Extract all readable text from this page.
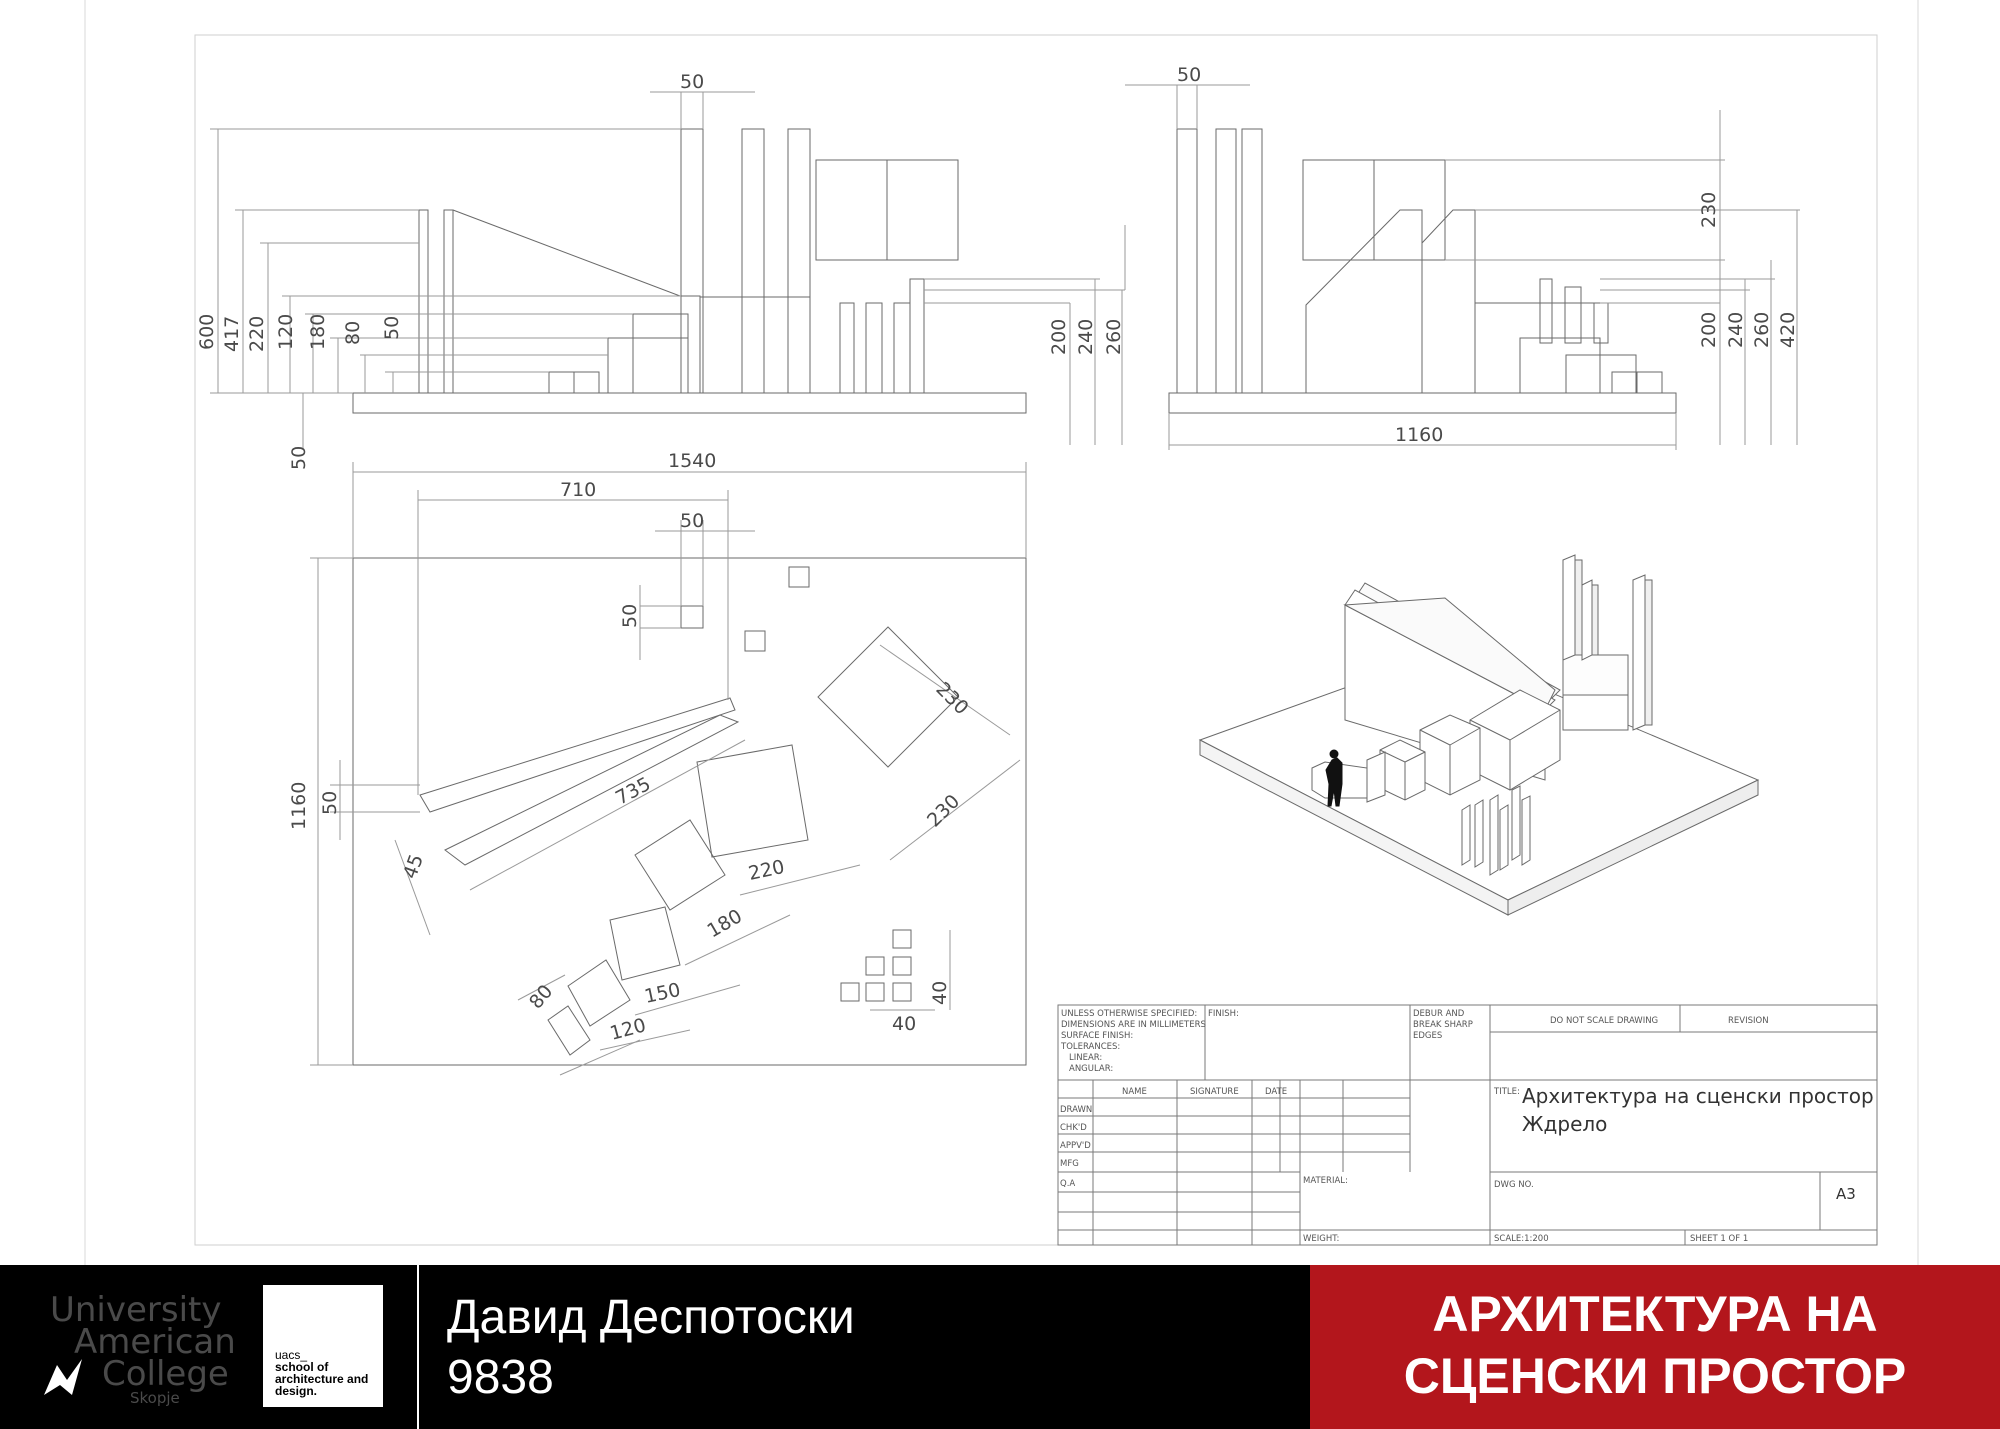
50
600 417 220 120 180 80 50
50
200 240 260
50
230
200 240 260 420
1160
1540
710
50
50
1160 50	735
45
230
230
220
180
150
120
80	40
40	UNLESS OTHERWISE SPECIFIED:
DIMENSIONS ARE IN MILLIMETERS
SURFACE FINISH:
TOLERANCES:
LINEAR:
ANGULAR:
FINISH:	DEBUR AND
BREAK SHARP
EDGES
DO NOT SCALE DRAWING	REVISION
NAME	SIGNATURE	DATE
DRAWN
CHK'D
APPV'D
MFG
Q.A
TITLE: Архитектура на сценски простор
Ждрело
MATERIAL:	DWG NO.	A3
WEIGHT:	SCALE:1:200	SHEET 1 OF 1
University
American
College
Skopje
uacs_
school of architecture and design.
Давид Деспотоски
9838
АРХИТЕКТУРА НА
СЦЕНСКИ ПРОСТОР
